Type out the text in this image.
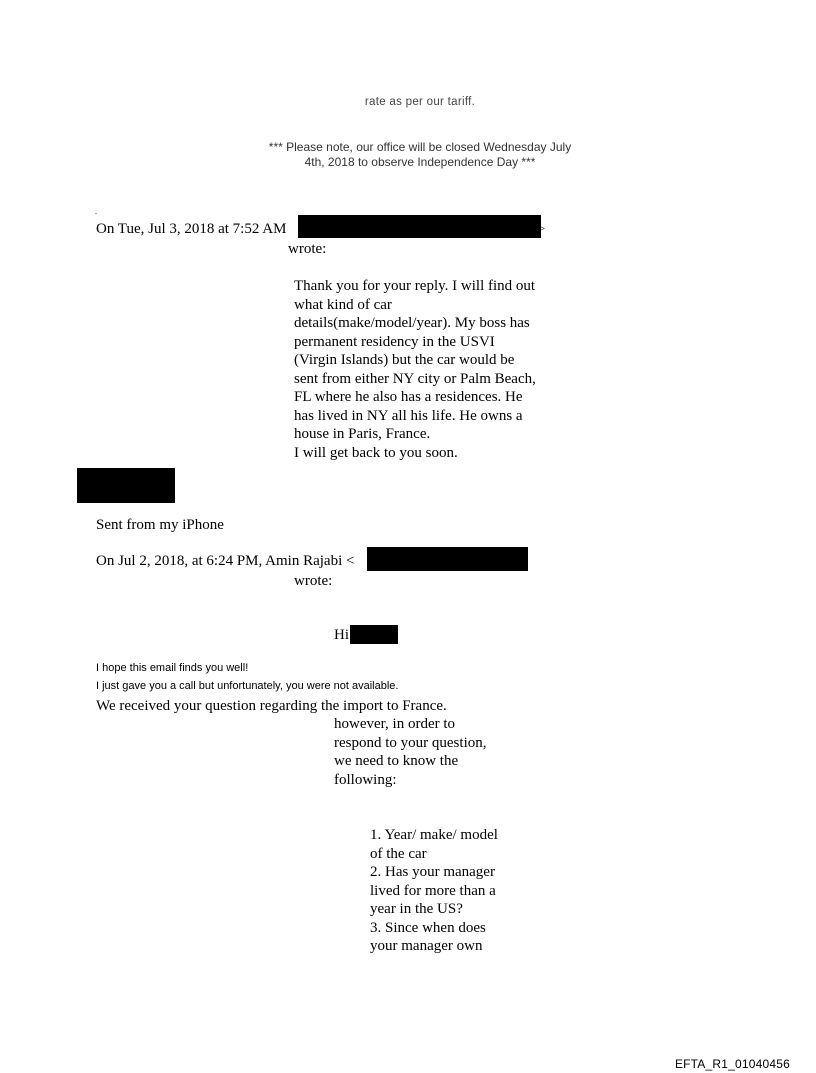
rate as per our tariff.
*** Please note, our office will be closed Wednesday July 4th, 2018 to observe Independence Day ***
.
On Tue, Jul 3, 2018 at 7:52 AM	>
wrote:
Thank you for your reply. I will find out
what kind of car
details(make/model/year). My boss has
permanent residency in the USVI
(Virgin Islands) but the car would be
sent from either NY city or Palm Beach,
FL where he also has a residences. He
has lived in NY all his life. He owns a
house in Paris, France.
I will get back to you soon.
Sent from my iPhone
On Jul 2, 2018, at 6:24 PM, Amin Rajabi <
wrote:
Hi
I hope this email finds you well!
I just gave you a call but unfortunately, you were not available.
We received your question regarding the import to France.
however, in order to
respond to your question,
we need to know the
following:
1. Year/ make/ model
of the car
2. Has your manager
lived for more than a
year in the US?
3. Since when does
your manager own
EFTA_R1_01040456
